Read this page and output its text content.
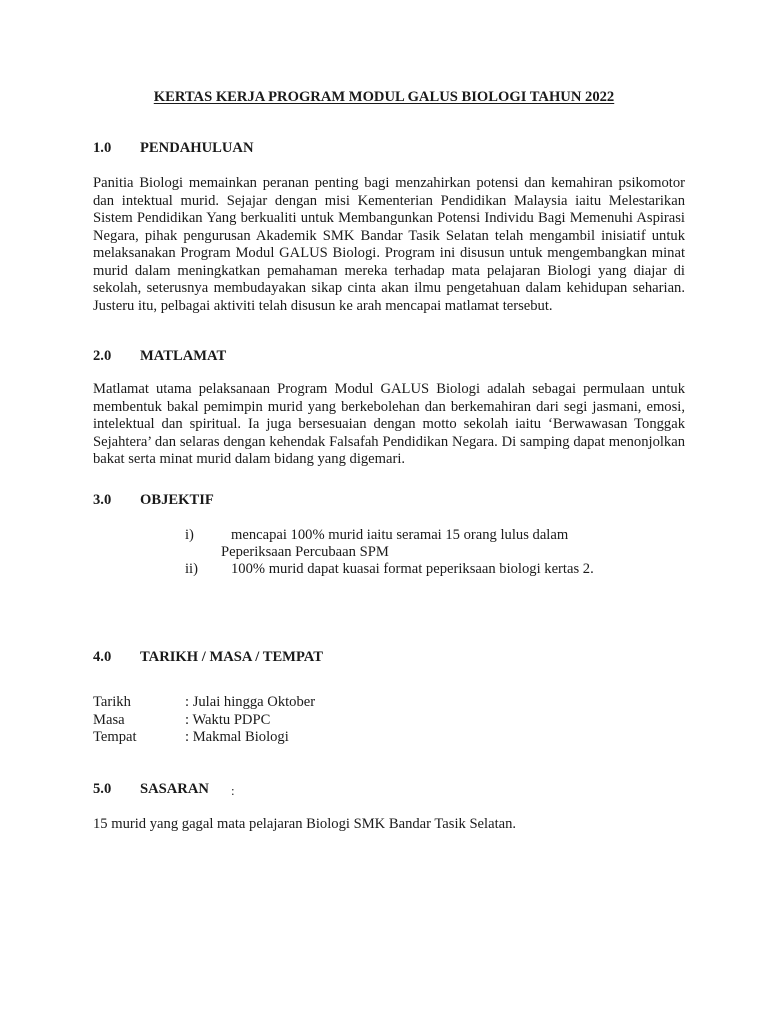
KERTAS KERJA PROGRAM MODUL GALUS BIOLOGI TAHUN 2022
1.0 PENDAHULUAN
Panitia Biologi memainkan peranan penting bagi menzahirkan potensi dan kemahiran psikomotor dan intektual murid. Sejajar dengan misi Kementerian Pendidikan Malaysia iaitu Melestarikan Sistem Pendidikan Yang berkualiti untuk Membangunkan Potensi Individu Bagi Memenuhi Aspirasi Negara, pihak pengurusan Akademik SMK Bandar Tasik Selatan telah mengambil inisiatif untuk melaksanakan Program Modul GALUS Biologi. Program ini disusun untuk mengembangkan minat murid dalam meningkatkan pemahaman mereka terhadap mata pelajaran Biologi yang diajar di sekolah, seterusnya membudayakan sikap cinta akan ilmu pengetahuan dalam kehidupan seharian. Justeru itu, pelbagai aktiviti telah disusun ke arah mencapai matlamat tersebut.
2.0 MATLAMAT
Matlamat utama pelaksanaan Program Modul GALUS Biologi adalah sebagai permulaan untuk membentuk bakal pemimpin murid yang berkebolehan dan berkemahiran dari segi jasmani, emosi, intelektual dan spiritual. Ia juga bersesuaian dengan motto sekolah iaitu ‘Berwawasan Tonggak Sejahtera’ dan selaras dengan kehendak Falsafah Pendidikan Negara. Di samping dapat menonjolkan bakat serta minat murid dalam bidang yang digemari.
3.0 OBJEKTIF
i)	mencapai 100% murid iaitu seramai 15 orang lulus dalam
Peperiksaan Percubaan SPM
ii) 100% murid dapat kuasai format peperiksaan biologi kertas 2.
4.0 TARIKH / MASA / TEMPAT
Tarikh	: Julai hingga Oktober
Masa	: Waktu PDPC
Tempat	: Makmal Biologi
5.0 SASARAN :
15 murid yang gagal mata pelajaran Biologi SMK Bandar Tasik Selatan.
